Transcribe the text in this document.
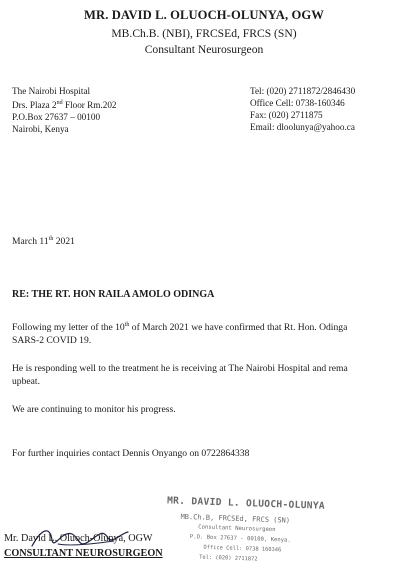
MR. DAVID L. OLUOCH-OLUNYA, OGW
MB.Ch.B. (NBI), FRCSEd, FRCS (SN)
Consultant Neurosurgeon
The Nairobi Hospital
Drs. Plaza 2nd Floor Rm.202
P.O.Box 27637 – 00100
Nairobi, Kenya
Tel: (020) 2711872/2846430
Office Cell: 0738-160346
Fax: (020) 2711875
Email: dloolunya@yahoo.ca
March 11th 2021
RE: THE RT. HON RAILA AMOLO ODINGA
Following my letter of the 10th of March 2021 we have confirmed that Rt. Hon. Odinga
SARS-2 COVID 19.
He is responding well to the treatment he is receiving at The Nairobi Hospital and rema
upbeat.
We are continuing to monitor his progress.
For further inquiries contact Dennis Onyango on 0722864338
MR. DAVID L. OLUOCH-OLUNYA
MB.Ch.B, FRCSEd, FRCS (SN)
Consultant Neurosurgeon
P.O. Box 27637 - 00100, Kenya.
Office Cell: 0738 160346
Tel: (020) 2711872
Mr. David L. Oluoch-Olunya, OGW
CONSULTANT NEUROSURGEON
